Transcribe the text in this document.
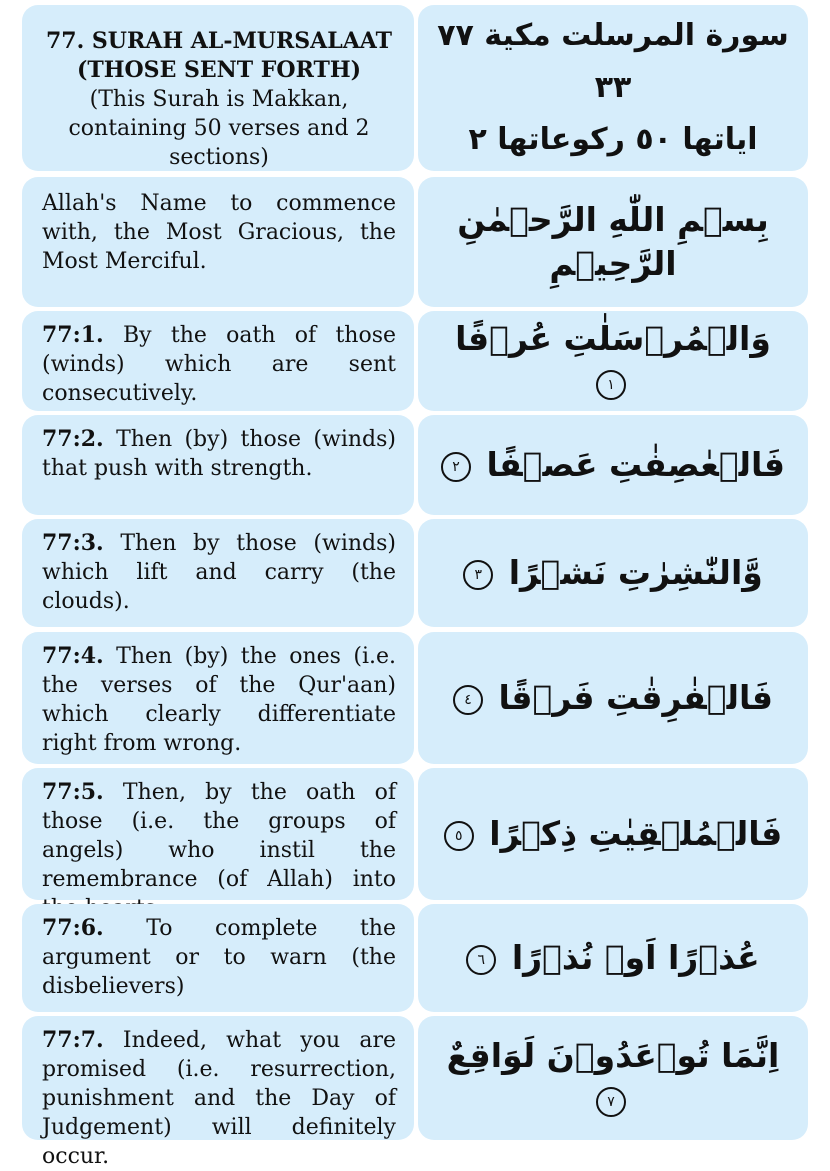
77. SURAH AL-MURSALAAT
(THOSE SENT FORTH)
(This Surah is Makkan, containing 50 verses and 2 sections)
سورة المرسلت مكية ٧٧ ٣٣
اياتها ٥٠ ركوعاتها ٢
Allah's Name to commence with, the Most Gracious, the Most Merciful.
بِسۡمِ اللّٰهِ الرَّحۡمٰنِ الرَّحِيۡمِ
77:1. By the oath of those (winds) which are sent consecutively.
وَالۡمُرۡسَلٰتِ عُرۡفًا ١
77:2. Then (by) those (winds) that push with strength.	فَالۡعٰصِفٰتِ عَصۡفًا ٢
77:3. Then by those (winds) which lift and carry (the clouds).
وَّالنّٰشِرٰتِ نَشۡرًا ٣
77:4. Then (by) the ones (i.e. the verses of the Qur'aan) which clearly differentiate right from wrong.
فَالۡفٰرِقٰتِ فَرۡقًا ٤
77:5. Then, by the oath of those (i.e. the groups of angels) who instil the remembrance (of Allah) into
فَالۡمُلۡقِيٰتِ ذِكۡرًا ٥
77:6. To complete the argument or to warn (the disbelievers)
عُذۡرًا اَوۡ نُذۡرًا ٦
77:7. Indeed, what you are promised (i.e. resurrection, punishment and the Day of Judgement) will definitely occur.
اِنَّمَا تُوۡعَدُوۡنَ لَوَاقِعٌ ٧
